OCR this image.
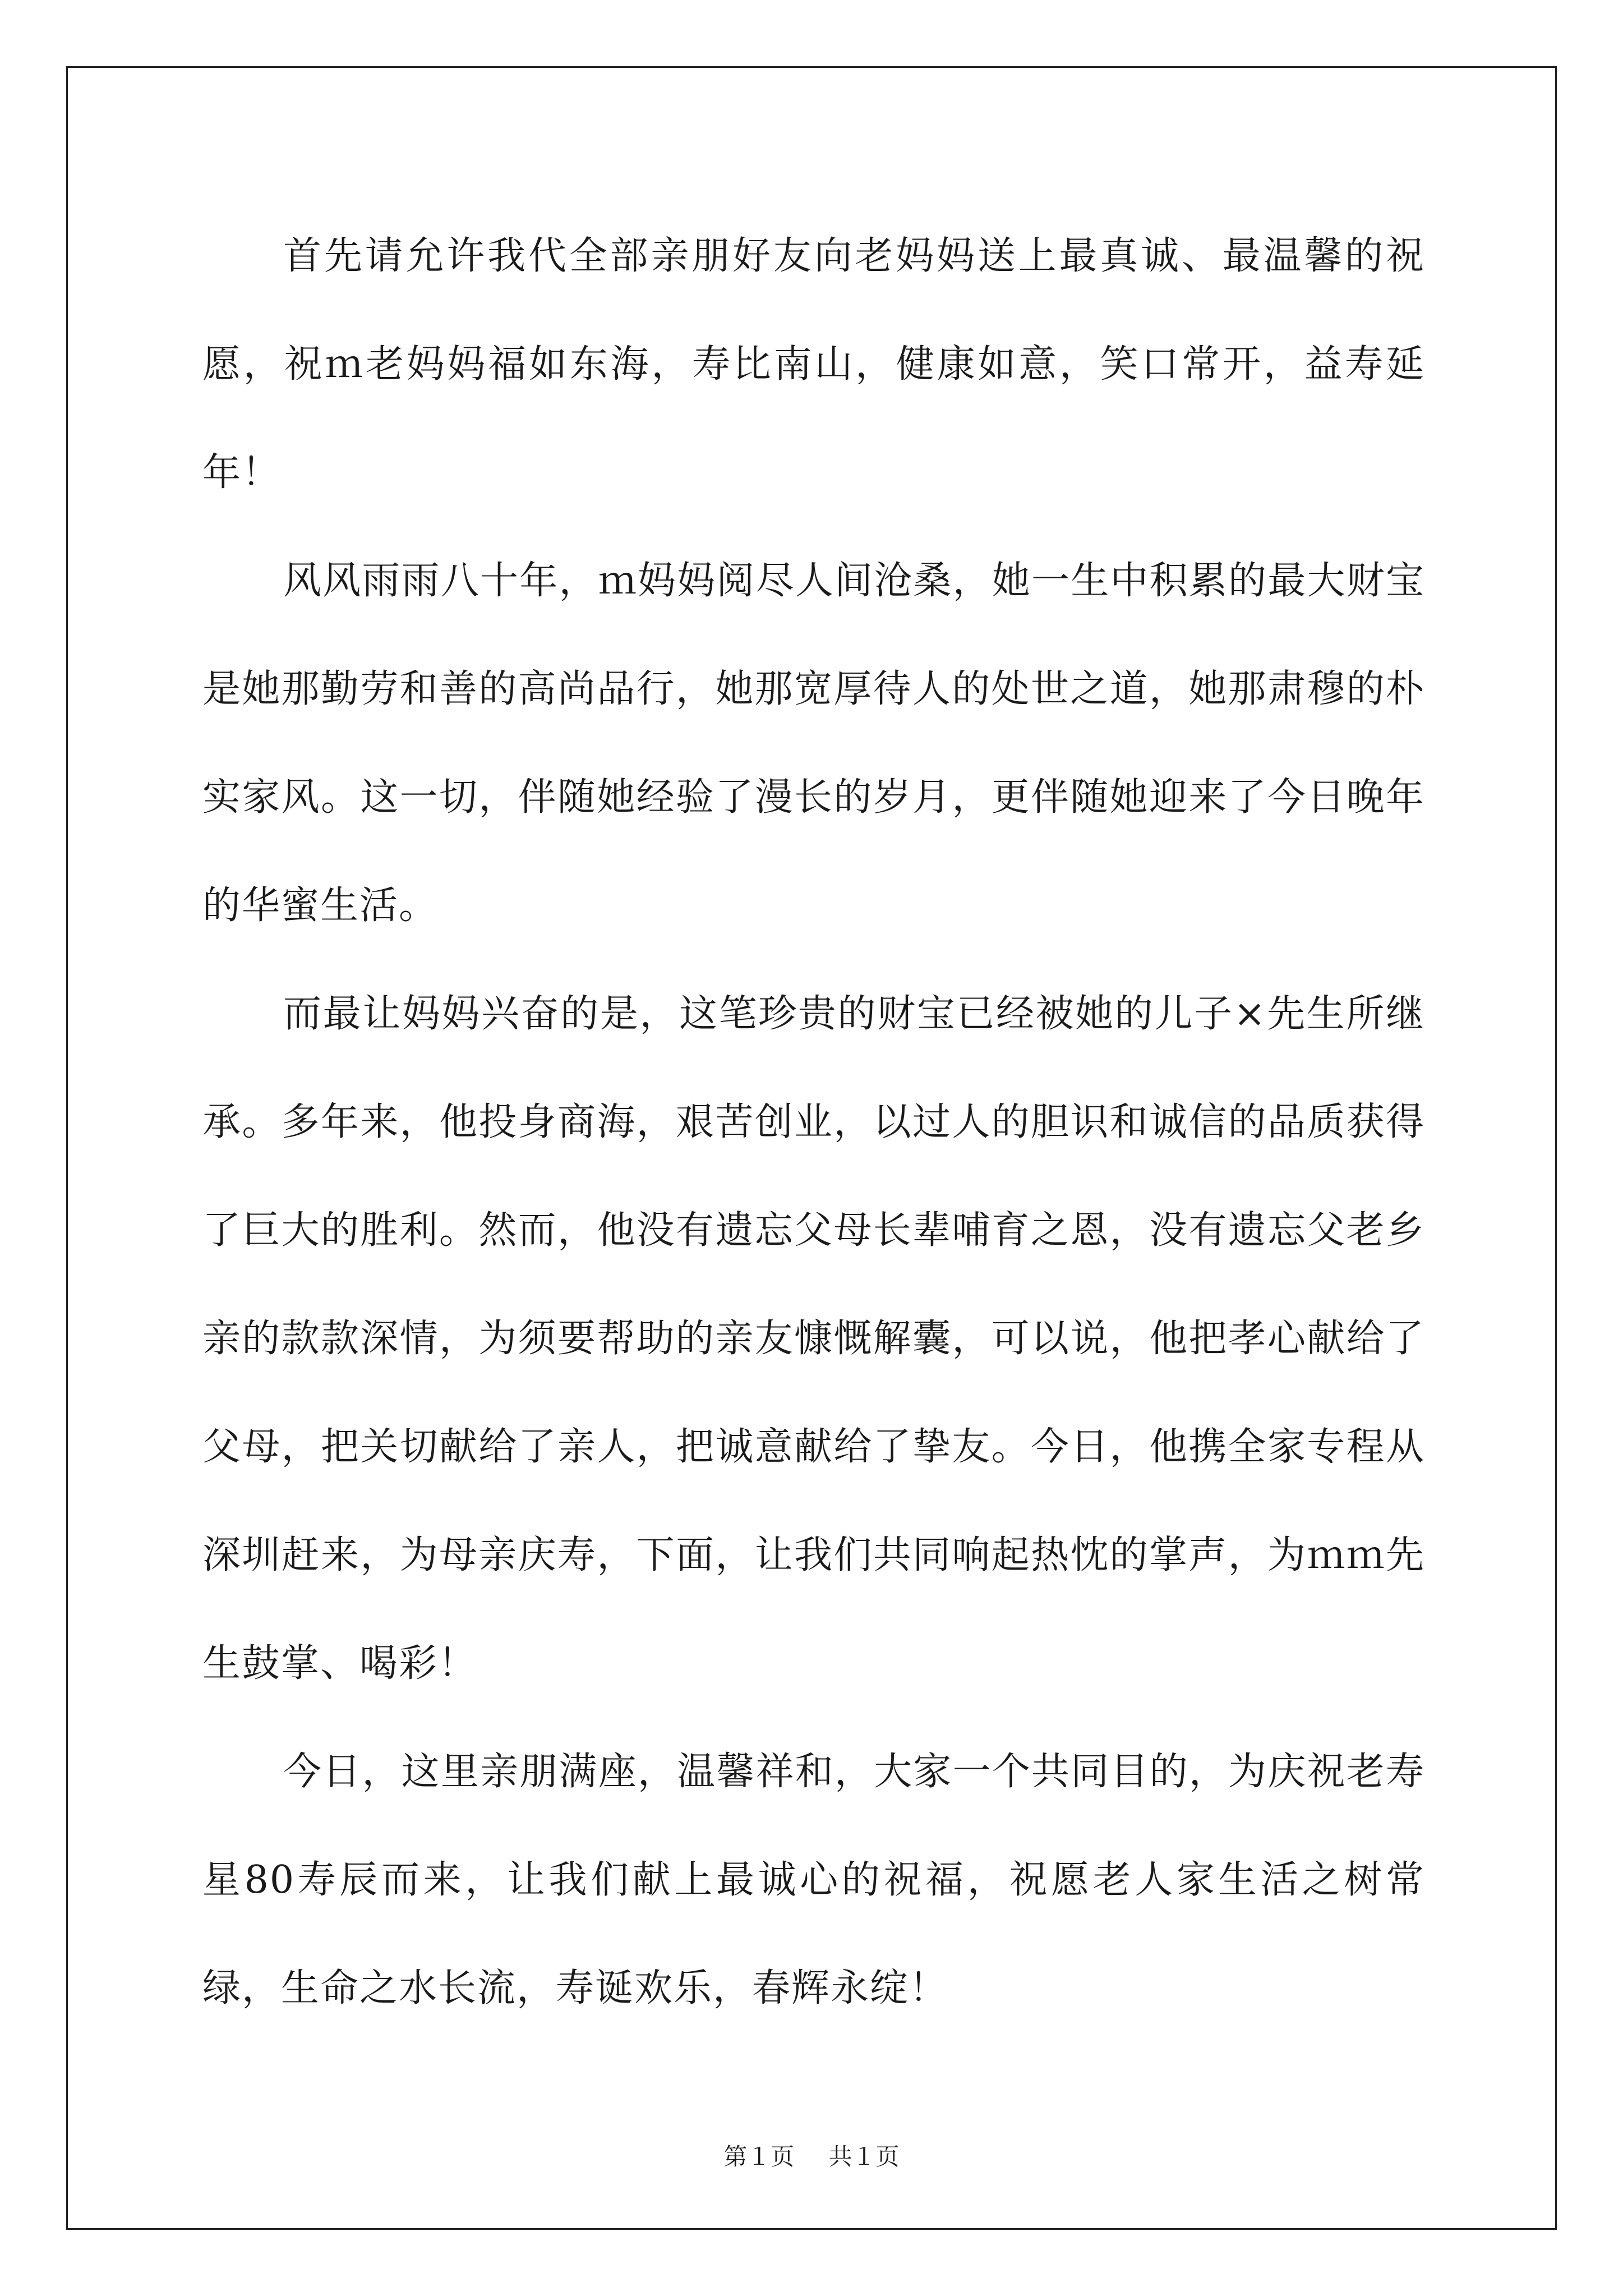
首先请允许我代全部亲朋好友向老妈妈送上最真诚、最温馨的祝愿，祝ｍ老妈妈福如东海，寿比南山，健康如意，笑口常开，益寿延年！

风风雨雨八十年，ｍ妈妈阅尽人间沧桑，她一生中积累的最大财宝是她那勤劳和善的高尚品行，她那宽厚待人的处世之道，她那肃穆的朴实家风。这一切，伴随她经验了漫长的岁月，更伴随她迎来了今日晚年的华蜜生活。

而最让妈妈兴奋的是，这笔珍贵的财宝已经被她的儿子×先生所继承。多年来，他投身商海，艰苦创业，以过人的胆识和诚信的品质获得了巨大的胜利。然而，他没有遗忘父母长辈哺育之恩，没有遗忘父老乡亲的款款深情，为须要帮助的亲友慷慨解囊，可以说，他把孝心献给了父母，把关切献给了亲人，把诚意献给了挚友。今日，他携全家专程从深圳赶来，为母亲庆寿，下面，让我们共同响起热忱的掌声，为ｍｍ先生鼓掌、喝彩！

今日，这里亲朋满座，温馨祥和，大家一个共同目的，为庆祝老寿星80寿辰而来，让我们献上最诚心的祝福，祝愿老人家生活之树常绿，生命之水长流，寿诞欢乐，春辉永绽！

第１页 共１页
